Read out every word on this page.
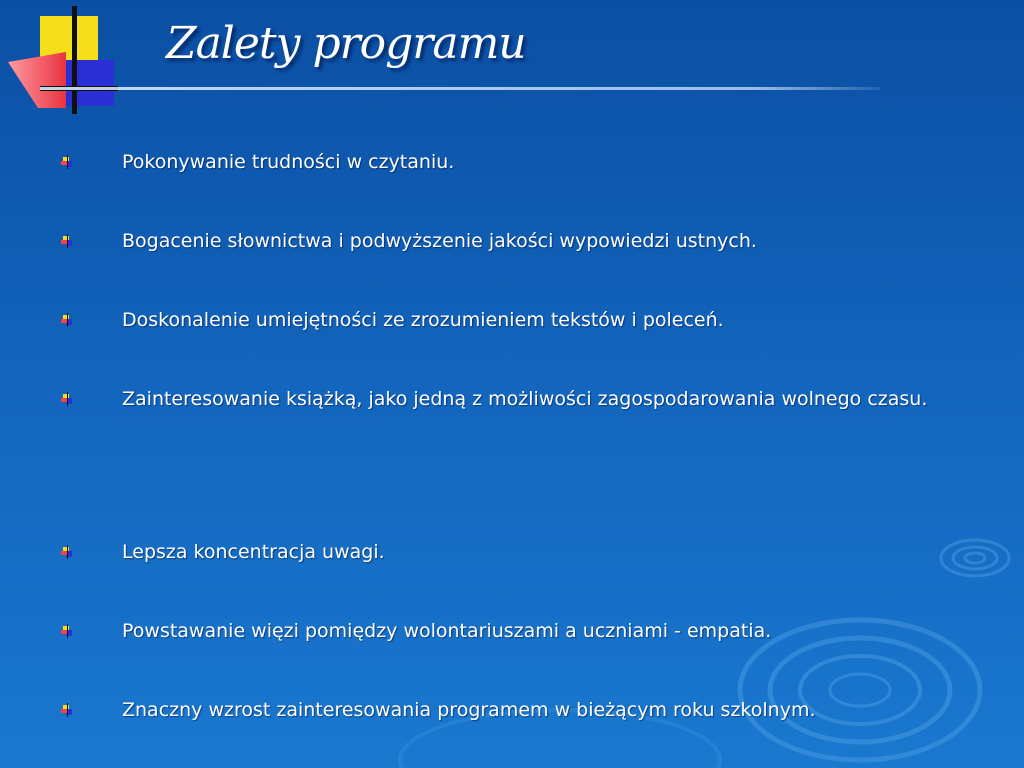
Zalety programu
Pokonywanie trudności w czytaniu.
Bogacenie słownictwa i podwyższenie jakości wypowiedzi ustnych.
Doskonalenie umiejętności ze zrozumieniem tekstów i poleceń.
Zainteresowanie książką, jako jedną z możliwości zagospodarowania wolnego czasu.
Lepsza koncentracja uwagi.
Powstawanie więzi pomiędzy wolontariuszami a uczniami - empatia.
Znaczny wzrost zainteresowania programem w bieżącym roku szkolnym.
